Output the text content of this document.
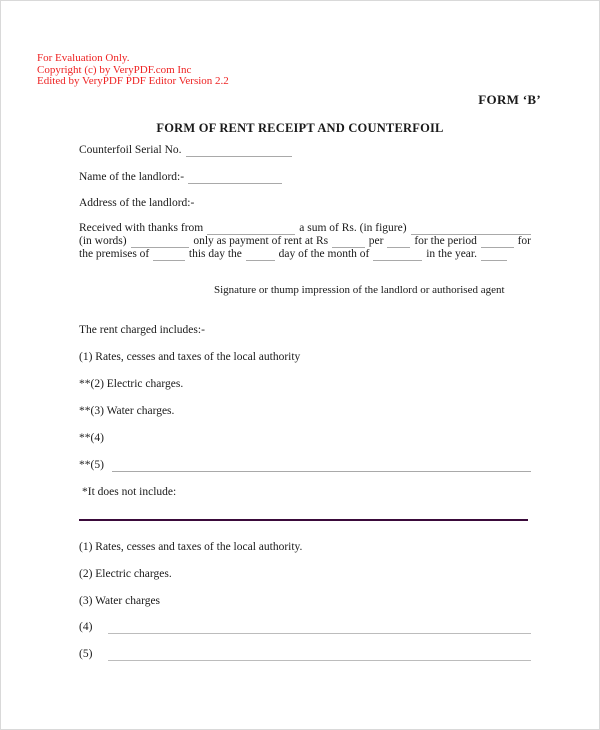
For Evaluation Only.
Copyright (c) by VeryPDF.com Inc
Edited by VeryPDF PDF Editor Version 2.2
FORM ‘B’
FORM OF RENT RECEIPT AND COUNTERFOIL
Counterfoil Serial No.
Name of the landlord:-
Address of the landlord:-
Received with thanks from	a sum of Rs. (in figure)
(in words)	only as payment of rent at Rs	per	for the period	for
the premises of	this day the	day of the month of	in the year.
Signature or thump impression of the landlord or authorised agent
The rent charged includes:-
(1) Rates, cesses and taxes of the local authority
**(2) Electric charges.
**(3) Water charges.
**(4)
**(5)
*It does not include:
(1) Rates, cesses and taxes of the local authority.
(2) Electric charges.
(3) Water charges
(4)
(5)
